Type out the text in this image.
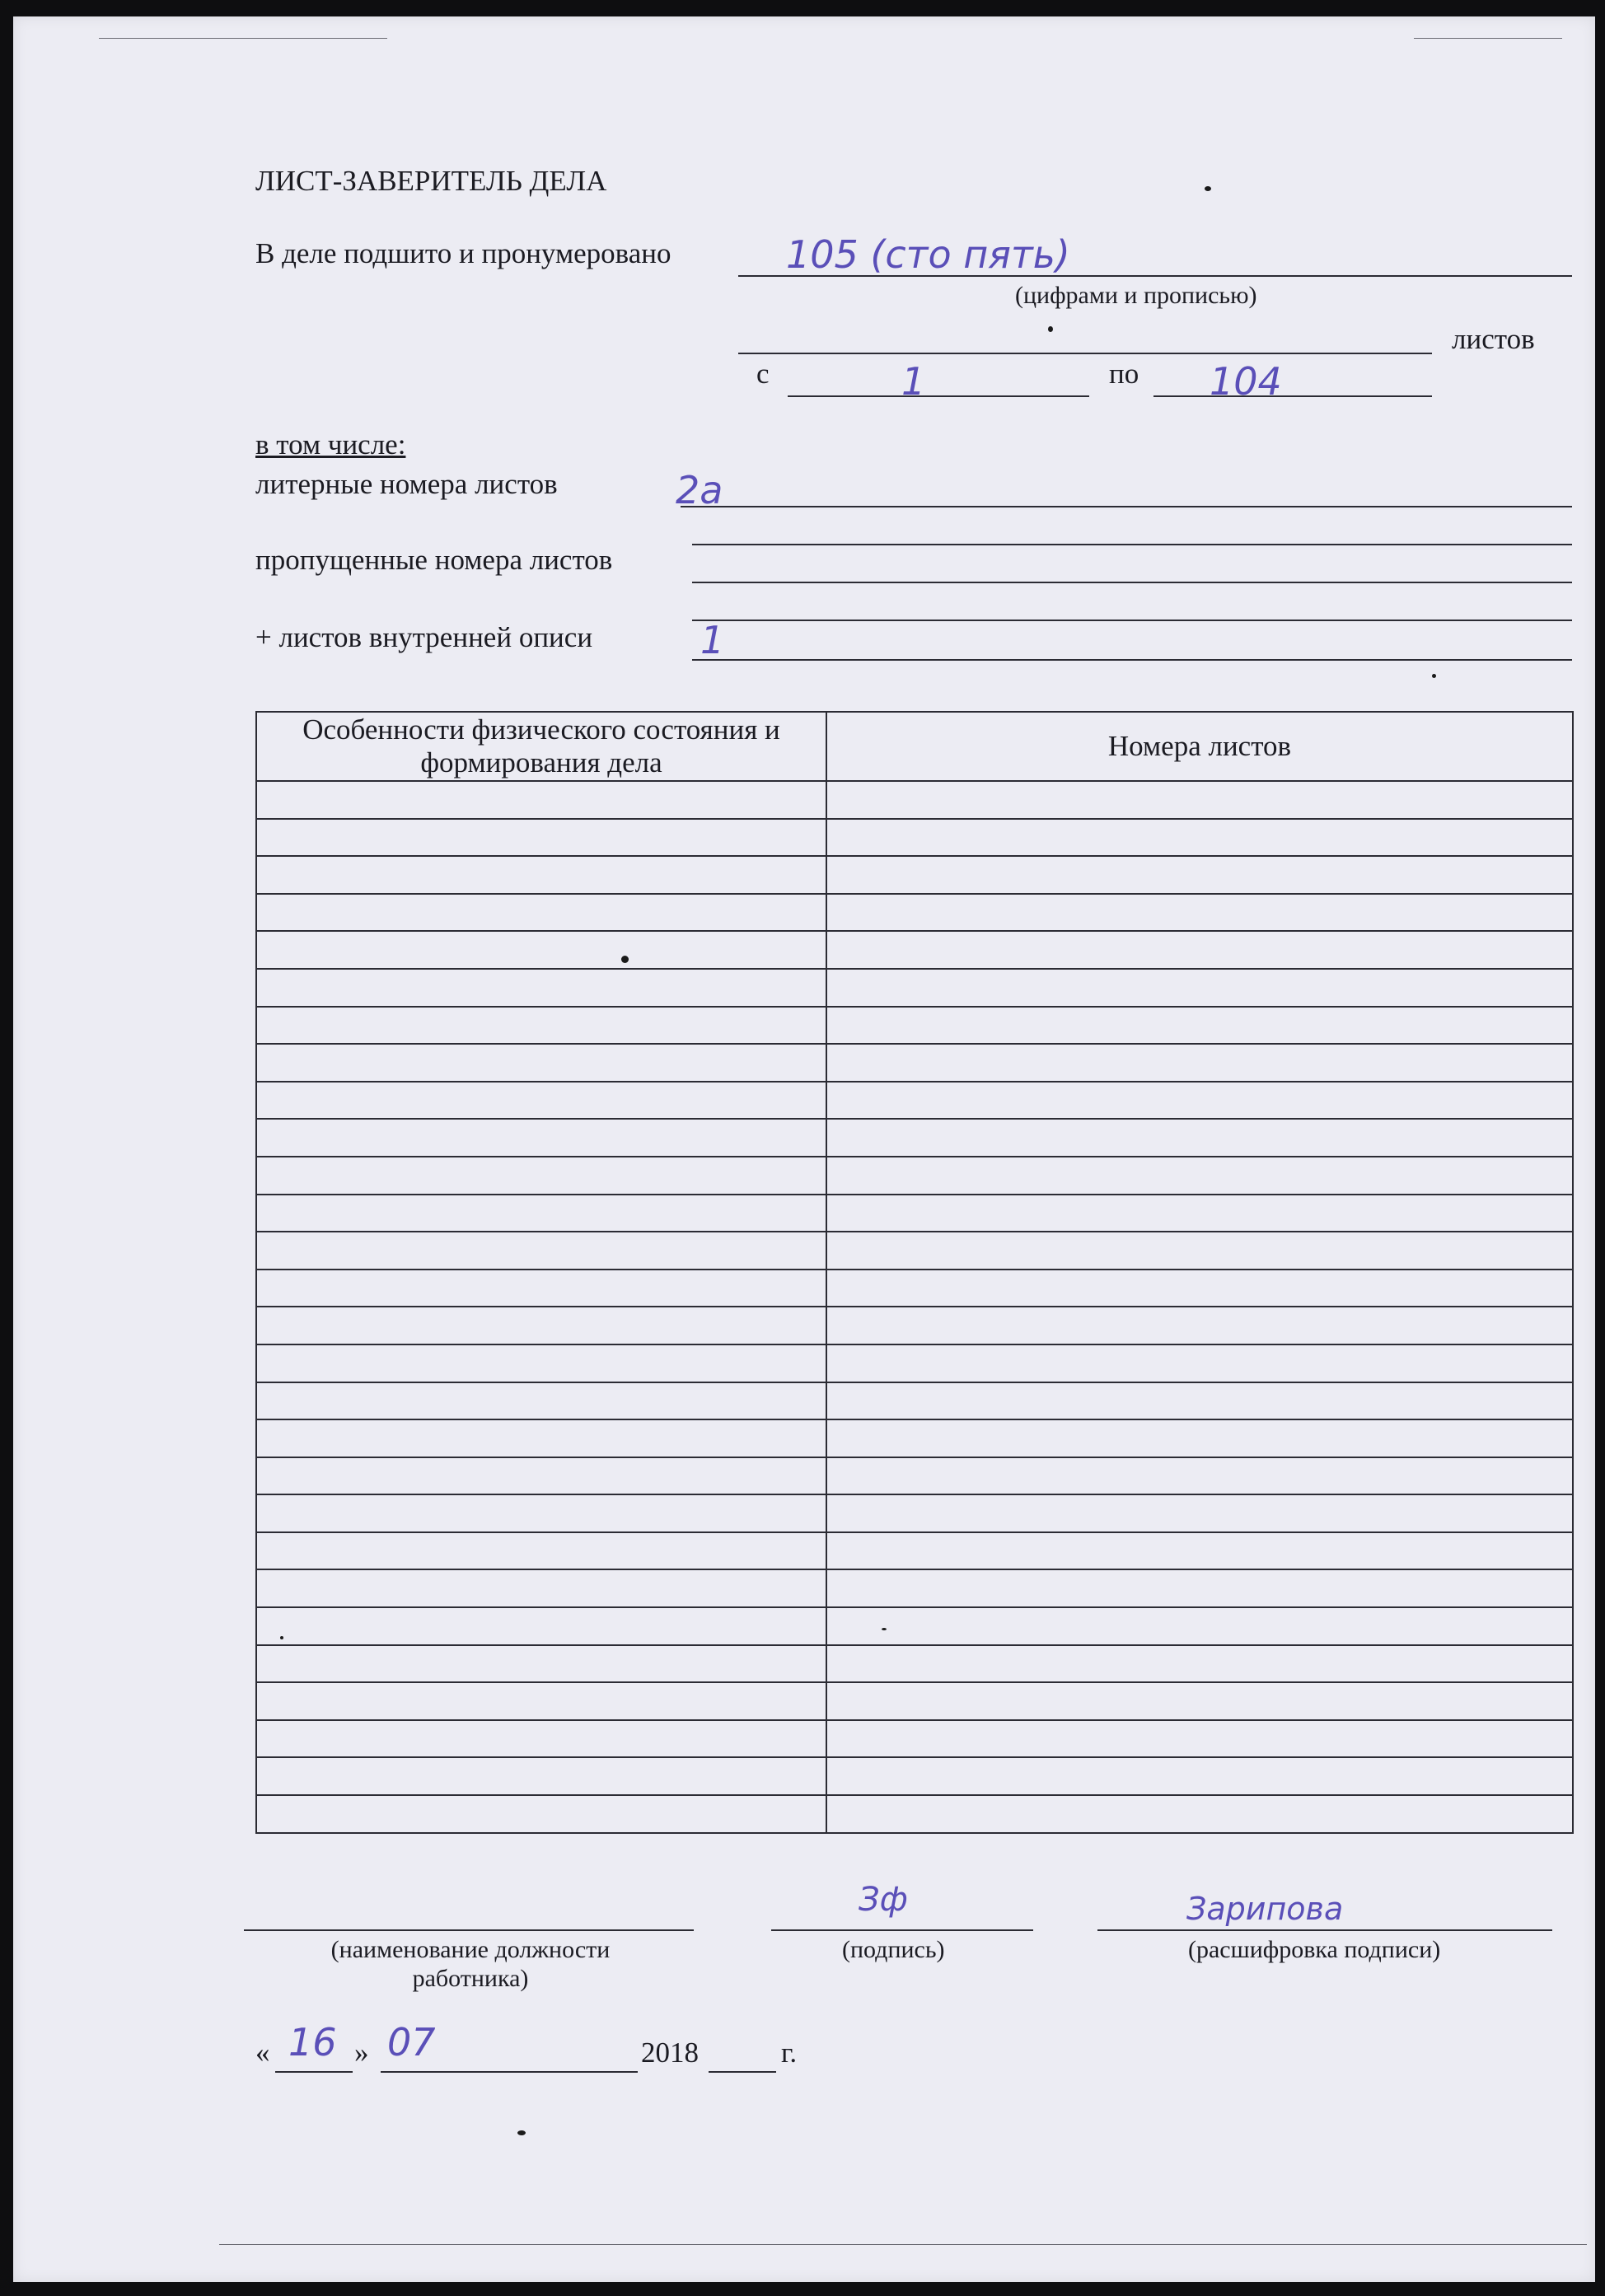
ЛИСТ-ЗАВЕРИТЕЛЬ ДЕЛА
В деле подшито и пронумеровано	105 (сто пять)
(цифрами и прописью)
листов
с	1	по 104
в том числе:
литерные номера листов	2а
пропущенные номера листов
+ листов внутренней описи	1
Особенности физического состояния и формирования дела	Номера листов

(наименование должности работника)
Зф
(подпись)
Зарипова
(расшифровка подписи)
« 16 » 07	2018	г.
